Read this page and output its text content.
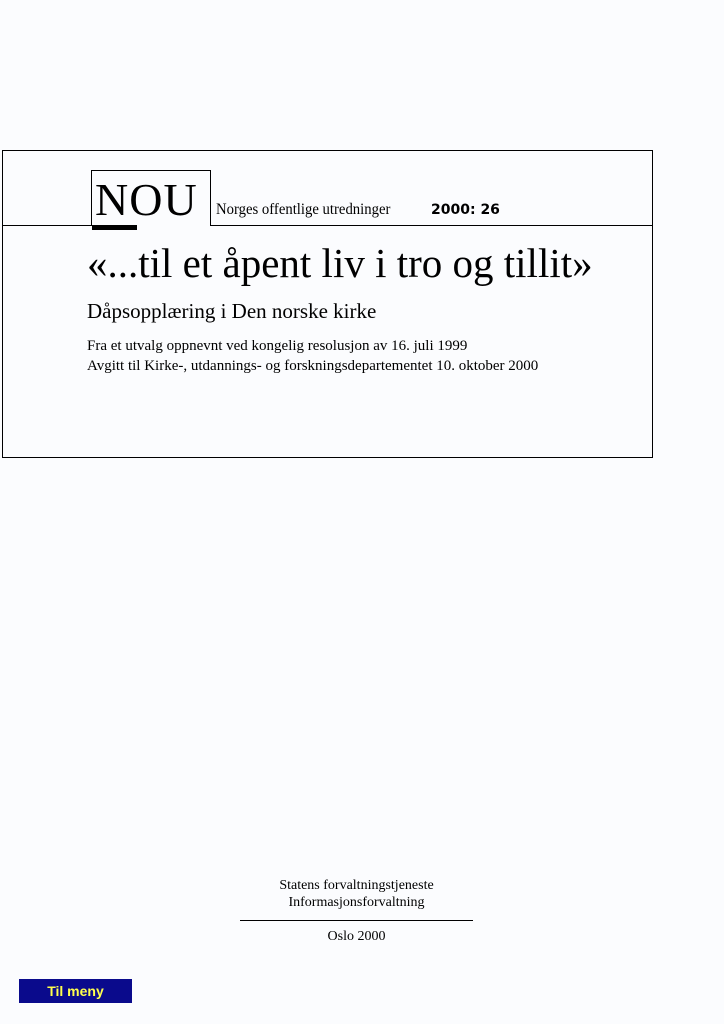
NOU Norges offentlige utredninger	2000: 26
«...til et åpent liv i tro og tillit»
Dåpsopplæring i Den norske kirke
Fra et utvalg oppnevnt ved kongelig resolusjon av 16. juli 1999
Avgitt til Kirke-, utdannings- og forskningsdepartementet 10. oktober 2000
Statens forvaltningstjeneste
Informasjonsforvaltning
Oslo 2000
Til meny
